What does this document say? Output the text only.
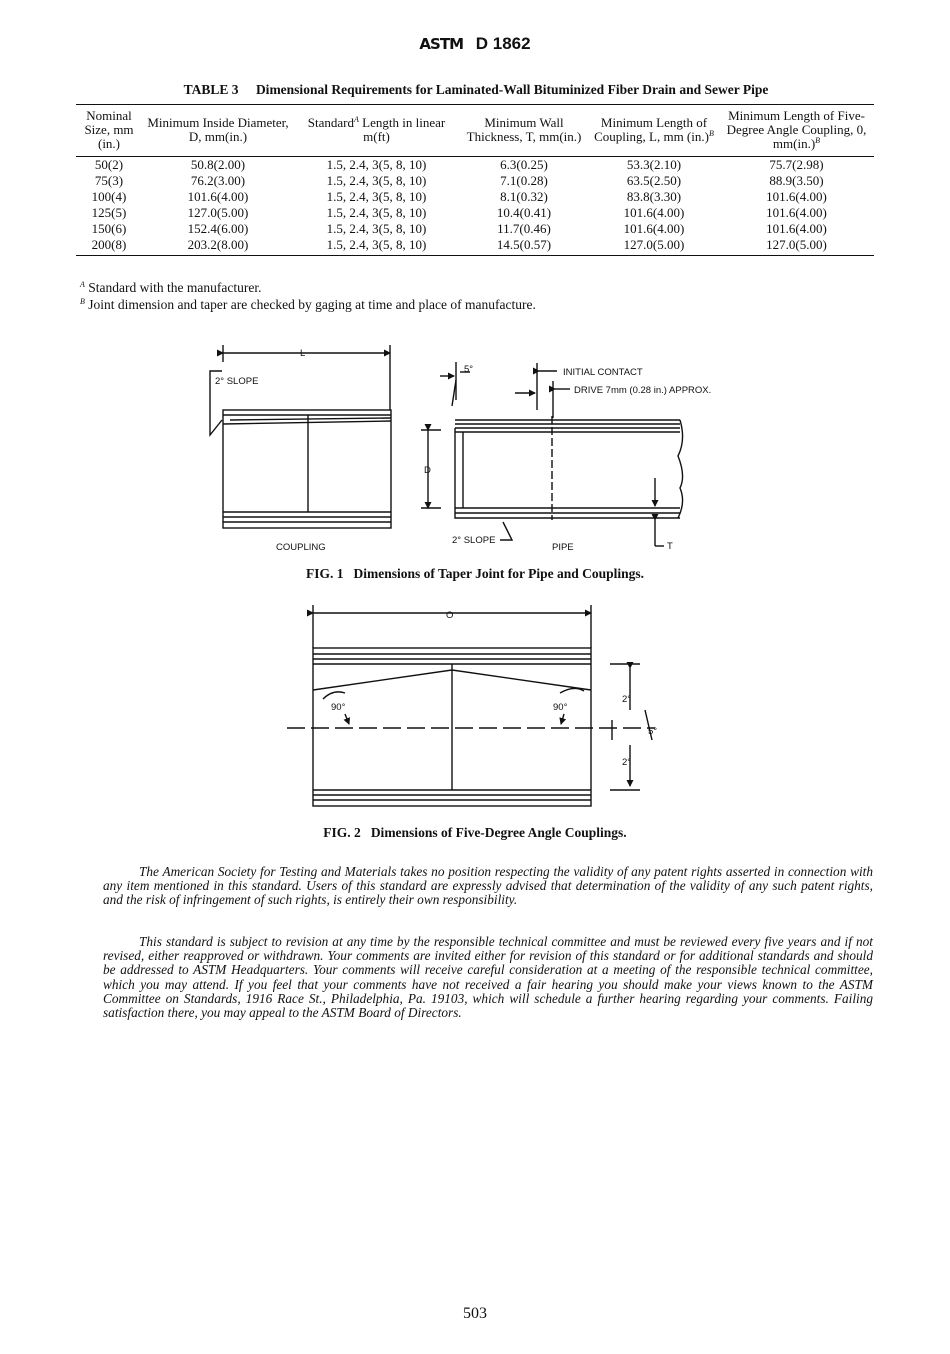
ASTM D 1862
TABLE 3 Dimensional Requirements for Laminated-Wall Bituminized Fiber Drain and Sewer Pipe
Nominal Size, mm (in.)	Minimum Inside Diameter, D, mm(in.)	Standard$^A$ Length in linear m(ft)	Minimum Wall Thickness, T, mm(in.)	Minimum Length of Coupling, L, mm $(in.)^B$	Minimum Length of Five-Degree Angle Coupling, 0, $mm(in.)^B$
50(2)	50.8(2.00)	1.5, 2.4, 3(5, 8, 10)	6.3(0.25)	53.3(2.10)	75.7(2.98)
75(3)	76.2(3.00)	1.5, 2.4, 3(5, 8, 10)	7.1(0.28)	63.5(2.50)	88.9(3.50)
100(4)	101.6(4.00)	1.5, 2.4, 3(5, 8, 10)	8.1(0.32)	83.8(3.30)	101.6(4.00)
125(5)	127.0(5.00)	1.5, 2.4, 3(5, 8, 10)	10.4(0.41)	101.6(4.00)	101.6(4.00)
150(6)	152.4(6.00)	1.5, 2.4, 3(5, 8, 10)	11.7(0.46)	101.6(4.00)	101.6(4.00)
200(8)	203.2(8.00)	1.5, 2.4, 3(5, 8, 10)	14.5(0.57)	127.0(5.00)	127.0(5.00)
$^A$ Standard with the manufacturer.
$^B$ Joint dimension and taper are checked by gaging at time and place of manufacture.
L
2° SLOPE
5°	INITIAL CONTACT
DRIVE 7mm (0.28 in.) APPROX.
D
COUPLING
2° SLOPE
PIPE	T
O
90°	90°
2°
5°
2°
FIG. 1 Dimensions of Taper Joint for Pipe and Couplings.
FIG. 2 Dimensions of Five-Degree Angle Couplings.
The American Society for Testing and Materials takes no position respecting the validity of any patent rights asserted in connection with any item mentioned in this standard. Users of this standard are expressly advised that determination of the validity of any such patent rights, and the risk of infringement of such rights, is entirely their own responsibility.
This standard is subject to revision at any time by the responsible technical committee and must be reviewed every five years and if not revised, either reapproved or withdrawn. Your comments are invited either for revision of this standard or for additional standards and should be addressed to ASTM Headquarters. Your comments will receive careful consideration at a meeting of the responsible technical committee, which you may attend. If you feel that your comments have not received a fair hearing you should make your views known to the ASTM Committee on Standards, 1916 Race St., Philadelphia, Pa. 19103, which will schedule a further hearing regarding your comments. Failing satisfaction there, you may appeal to the ASTM Board of Directors.
503
